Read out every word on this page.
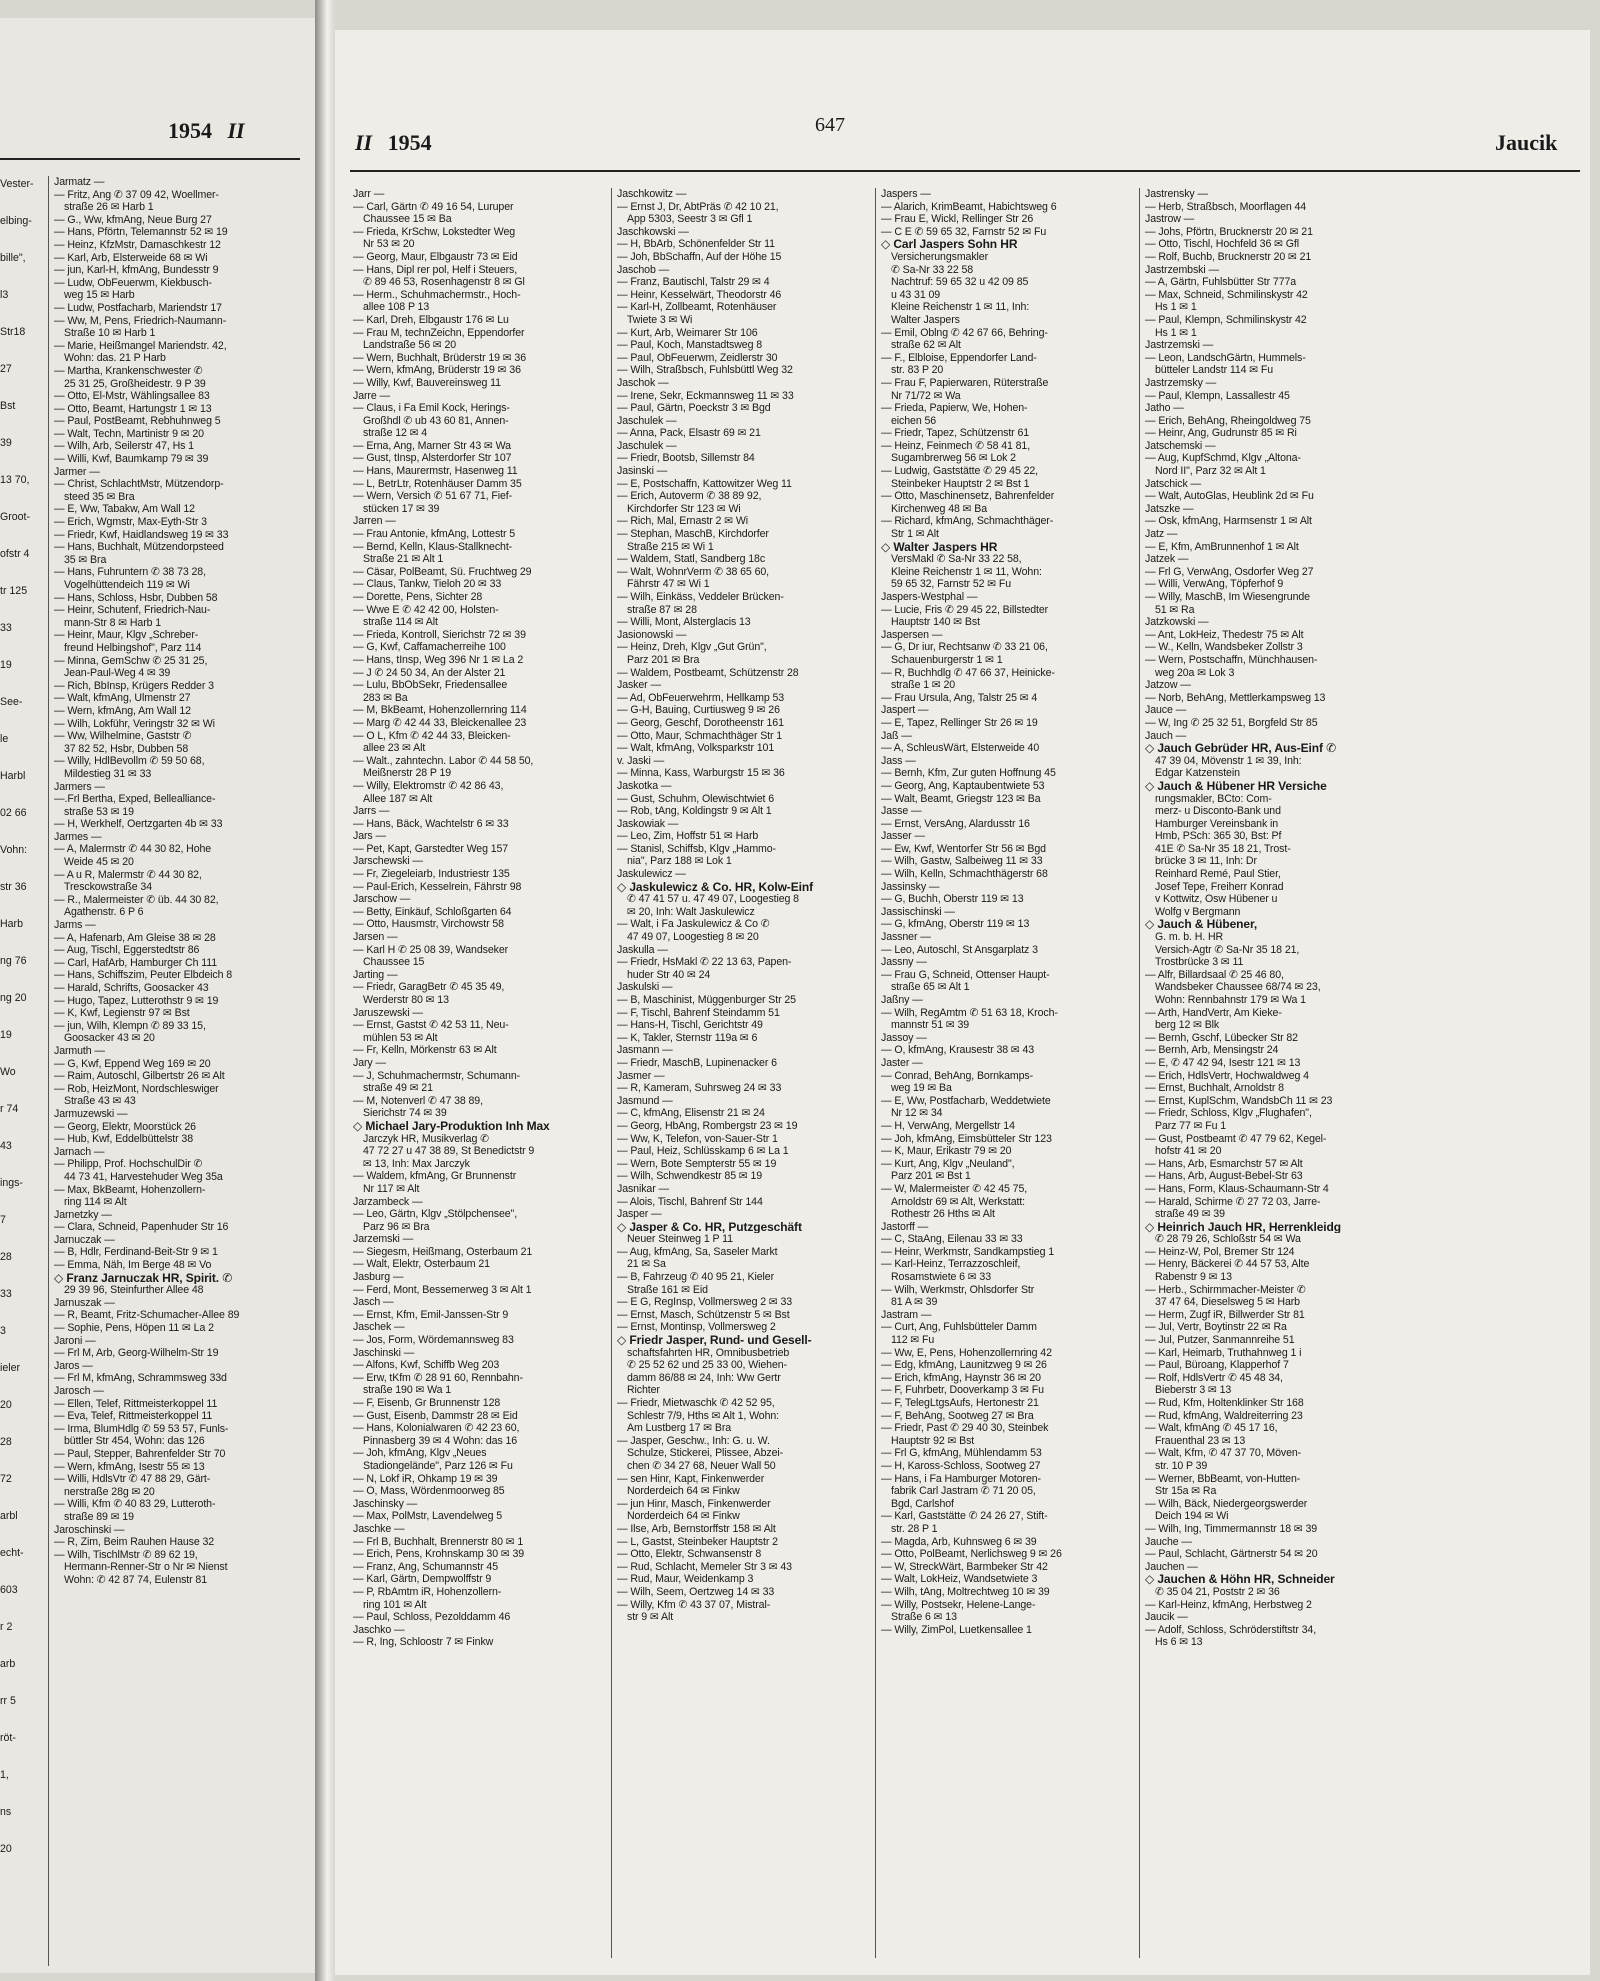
1954 II
Vester-
elbing-
bille",
l3
Str18
27
Bst
39
13 70,
Groot-
ofstr 4
tr 125
33
19
See-
le
Harbl
02 66
Vohn:
str 36
Harb
ng 76
ng 20
19
Wo
r 74
43
ings-
7
28
33
3
ieler
20
28
72
arbl
echt-
603
r 2
arb
rr 5
röt-
1,
ns
20
Jarmatz —
— Fritz, Ang ✆ 37 09 42, Woellmer-
straße 26 ✉ Harb 1
— G., Ww, kfmAng, Neue Burg 27
— Hans, Pförtn, Telemannstr 52 ✉ 19
— Heinz, KfzMstr, Damaschkestr 12
— Karl, Arb, Elsterweide 68 ✉ Wi
— jun, Karl-H, kfmAng, Bundesstr 9
— Ludw, ObFeuerwm, Kiekbusch-
weg 15 ✉ Harb
— Ludw, Postfacharb, Mariendstr 17
— Ww, M, Pens, Friedrich-Naumann-
Straße 10 ✉ Harb 1
— Marie, Heißmangel Mariendstr. 42,
Wohn: das. 21 P Harb
— Martha, Krankenschwester ✆
25 31 25, Großheidestr. 9 P 39
— Otto, El-Mstr, Wählingsallee 83
— Otto, Beamt, Hartungstr 1 ✉ 13
— Paul, PostBeamt, Rebhuhnweg 5
— Walt, Techn, Martinistr 9 ✉ 20
— Wilh, Arb, Seilerstr 47, Hs 1
— Willi, Kwf, Baumkamp 79 ✉ 39
Jarmer —
— Christ, SchlachtMstr, Mützendorp-
steed 35 ✉ Bra
— E, Ww, Tabakw, Am Wall 12
— Erich, Wgmstr, Max-Eyth-Str 3
— Friedr, Kwf, Haidlandsweg 19 ✉ 33
— Hans, Buchhalt, Mützendorpsteed
35 ✉ Bra
— Hans, Fuhruntern ✆ 38 73 28,
Vogelhüttendeich 119 ✉ Wi
— Hans, Schloss, Hsbr, Dubben 58
— Heinr, Schutenf, Friedrich-Nau-
mann-Str 8 ✉ Harb 1
— Heinr, Maur, Klgv „Schreber-
freund Helbingshof", Parz 114
— Minna, GemSchw ✆ 25 31 25,
Jean-Paul-Weg 4 ✉ 39
— Rich, BbInsp, Krügers Redder 3
— Walt, kfmAng, Ulmenstr 27
— Wern, kfmAng, Am Wall 12
— Wilh, Lokführ, Veringstr 32 ✉ Wi
— Ww, Wilhelmine, Gaststr ✆
37 82 52, Hsbr, Dubben 58
— Willy, HdlBevollm ✆ 59 50 68,
Mildestieg 31 ✉ 33
Jarmers —
—.Frl Bertha, Exped, Bellealliance-
straße 53 ✉ 19
— H, Werkhelf, Oertzgarten 4b ✉ 33
Jarmes —
— A, Malermstr ✆ 44 30 82, Hohe
Weide 45 ✉ 20
— A u R, Malermstr ✆ 44 30 82,
Tresckowstraße 34
— R., Malermeister ✆ üb. 44 30 82,
Agathenstr. 6 P 6
Jarms —
— A, Hafenarb, Am Gleise 38 ✉ 28
— Aug, Tischl, Eggerstedtstr 86
— Carl, HafArb, Hamburger Ch 111
— Hans, Schiffszim, Peuter Elbdeich 8
— Harald, Schrifts, Goosacker 43
— Hugo, Tapez, Lutterothstr 9 ✉ 19
— K, Kwf, Legienstr 97 ✉ Bst
— jun, Wilh, Klempn ✆ 89 33 15,
Goosacker 43 ✉ 20
Jarmuth —
— G, Kwf, Eppend Weg 169 ✉ 20
— Raim, Autoschl, Gilbertstr 26 ✉ Alt
— Rob, HeizMont, Nordschleswiger
Straße 43 ✉ 43
Jarmuzewski —
— Georg, Elektr, Moorstück 26
— Hub, Kwf, Eddelbüttelstr 38
Jarnach —
— Philipp, Prof. HochschulDir ✆
44 73 41, Harvestehuder Weg 35a
— Max, BkBeamt, Hohenzollern-
ring 114 ✉ Alt
Jarnetzky —
— Clara, Schneid, Papenhuder Str 16
Jarnuczak —
— B, Hdlr, Ferdinand-Beit-Str 9 ✉ 1
— Emma, Näh, Im Berge 48 ✉ Vo
◇ Franz Jarnuczak HR, Spirit. ✆
29 39 96, Steinfurther Allee 48
Jarnuszak —
— R, Beamt, Fritz-Schumacher-Allee 89
— Sophie, Pens, Höpen 11 ✉ La 2
Jaroni —
— Frl M, Arb, Georg-Wilhelm-Str 19
Jaros —
— Frl M, kfmAng, Schrammsweg 33d
Jarosch —
— Ellen, Telef, Rittmeisterkoppel 11
— Eva, Telef, Rittmeisterkoppel 11
— Irma, BlumHdlg ✆ 59 53 57, Funls-
büttler Str 454, Wohn: das 126
— Paul, Stepper, Bahrenfelder Str 70
— Wern, kfmAng, Isestr 55 ✉ 13
— Willi, HdlsVtr ✆ 47 88 29, Gärt-
nerstraße 28g ✉ 20
— Willi, Kfm ✆ 40 83 29, Lutteroth-
straße 89 ✉ 19
Jaroschinski —
— R, Zim, Beim Rauhen Hause 32
— Wilh, TischlMstr ✆ 89 62 19,
Hermann-Renner-Str o Nr ✉ Nienst
Wohn: ✆ 42 87 74, Eulenstr 81
II 1954
647
Jaucik
Jarr —
— Carl, Gärtn ✆ 49 16 54, Luruper
Chaussee 15 ✉ Ba
— Frieda, KrSchw, Lokstedter Weg
Nr 53 ✉ 20
— Georg, Maur, Elbgaustr 73 ✉ Eid
— Hans, Dipl rer pol, Helf i Steuers,
✆ 89 46 53, Rosenhagenstr 8 ✉ Gl
— Herm., Schuhmachermstr., Hoch-
allee 108 P 13
— Karl, Dreh, Elbgaustr 176 ✉ Lu
— Frau M, technZeichn, Eppendorfer
Landstraße 56 ✉ 20
— Wern, Buchhalt, Brüderstr 19 ✉ 36
— Wern, kfmAng, Brüderstr 19 ✉ 36
— Willy, Kwf, Bauvereinsweg 11
Jarre —
— Claus, i Fa Emil Kock, Herings-
Großhdl ✆ ub 43 60 81, Annen-
straße 12 ✉ 4
— Erna, Ang, Marner Str 43 ✉ Wa
— Gust, tInsp, Alsterdorfer Str 107
— Hans, Maurermstr, Hasenweg 11
— L, BetrLtr, Rotenhäuser Damm 35
— Wern, Versich ✆ 51 67 71, Fief-
stücken 17 ✉ 39
Jarren —
— Frau Antonie, kfmAng, Lottestr 5
— Bernd, Kelln, Klaus-Stallknecht-
Straße 21 ✉ Alt 1
— Cäsar, PolBeamt, Sü. Fruchtweg 29
— Claus, Tankw, Tieloh 20 ✉ 33
— Dorette, Pens, Sichter 28
— Wwe E ✆ 42 42 00, Holsten-
straße 114 ✉ Alt
— Frieda, Kontroll, Sierichstr 72 ✉ 39
— G, Kwf, Caffamacherreihe 100
— Hans, tInsp, Weg 396 Nr 1 ✉ La 2
— J ✆ 24 50 34, An der Alster 21
— Lulu, BbObSekr, Friedensallee
283 ✉ Ba
— M, BkBeamt, Hohenzollernring 114
— Marg ✆ 42 44 33, Bleickenallee 23
— O L, Kfm ✆ 42 44 33, Bleicken-
allee 23 ✉ Alt
— Walt., zahntechn. Labor ✆ 44 58 50,
Meißnerstr 28 P 19
— Willy, Elektromstr ✆ 42 86 43,
Allee 187 ✉ Alt
Jarrs —
— Hans, Bäck, Wachtelstr 6 ✉ 33
Jars —
— Pet, Kapt, Garstedter Weg 157
Jarschewski —
— Fr, Ziegeleiarb, Industriestr 135
— Paul-Erich, Kesselrein, Fährstr 98
Jarschow —
— Betty, Einkäuf, Schloßgarten 64
— Otto, Hausmstr, Virchowstr 58
Jarsen —
— Karl H ✆ 25 08 39, Wandseker
Chaussee 15
Jarting —
— Friedr, GaragBetr ✆ 45 35 49,
Werderstr 80 ✉ 13
Jaruszewski —
— Ernst, Gastst ✆ 42 53 11, Neu-
mühlen 53 ✉ Alt
— Fr, Kelln, Mörkenstr 63 ✉ Alt
Jary —
— J, Schuhmachermstr, Schumann-
straße 49 ✉ 21
— M, Notenverl ✆ 47 38 89,
Sierichstr 74 ✉ 39
◇ Michael Jary-Produktion Inh Max
Jarczyk HR, Musikverlag ✆
47 72 27 u 47 38 89, St Benedictstr 9
✉ 13, Inh: Max Jarczyk
— Waldem, kfmAng, Gr Brunnenstr
Nr 117 ✉ Alt
Jarzambeck —
— Leo, Gärtn, Klgv „Stölpchensee",
Parz 96 ✉ Bra
Jarzemski —
— Siegesm, Heißmang, Osterbaum 21
— Walt, Elektr, Osterbaum 21
Jasburg —
— Ferd, Mont, Bessemerweg 3 ✉ Alt 1
Jasch —
— Ernst, Kfm, Emil-Janssen-Str 9
Jaschek —
— Jos, Form, Wördemannsweg 83
Jaschinski —
— Alfons, Kwf, Schiffb Weg 203
— Erw, tKfm ✆ 28 91 60, Rennbahn-
straße 190 ✉ Wa 1
— F, Eisenb, Gr Brunnenstr 128
— Gust, Eisenb, Dammstr 28 ✉ Eid
— Hans, Kolonialwaren ✆ 42 23 60,
Pinnasberg 39 ✉ 4 Wohn: das 16
— Joh, kfmAng, Klgv „Neues
Stadiongelände", Parz 126 ✉ Fu
— N, Lokf iR, Ohkamp 19 ✉ 39
— O, Mass, Wördenmoorweg 85
Jaschinsky —
— Max, PolMstr, Lavendelweg 5
Jaschke —
— Frl B, Buchhalt, Brennerstr 80 ✉ 1
— Erich, Pens, Krohnskamp 30 ✉ 39
— Franz, Ang, Schumannstr 45
— Karl, Gärtn, Dempwolffstr 9
— P, RbAmtm iR, Hohenzollern-
ring 101 ✉ Alt
— Paul, Schloss, Pezolddamm 46
Jaschko —
— R, Ing, Schloostr 7 ✉ Finkw
Jaschkowitz —
— Ernst J, Dr, AbtPräs ✆ 42 10 21,
App 5303, Seestr 3 ✉ Gfl 1
Jaschkowski —
— H, BbArb, Schönenfelder Str 11
— Joh, BbSchaffn, Auf der Höhe 15
Jaschob —
— Franz, Bautischl, Talstr 29 ✉ 4
— Heinr, Kesselwärt, Theodorstr 46
— Karl-H, Zollbeamt, Rotenhäuser
Twiete 3 ✉ Wi
— Kurt, Arb, Weimarer Str 106
— Paul, Koch, Manstadtsweg 8
— Paul, ObFeuerwm, Zeidlerstr 30
— Wilh, Straßbsch, Fuhlsbüttl Weg 32
Jaschok —
— Irene, Sekr, Eckmannsweg 11 ✉ 33
— Paul, Gärtn, Poeckstr 3 ✉ Bgd
Jaschulek —
— Anna, Pack, Elsastr 69 ✉ 21
Jaschulek —
— Friedr, Bootsb, Sillemstr 84
Jasinski —
— E, Postschaffn, Kattowitzer Weg 11
— Erich, Autoverm ✆ 38 89 92,
Kirchdorfer Str 123 ✉ Wi
— Rich, Mal, Ernastr 2 ✉ Wi
— Stephan, MaschB, Kirchdorfer
Straße 215 ✉ Wi 1
— Waldem, Statl, Sandberg 18c
— Walt, WohnrVerm ✆ 38 65 60,
Fährstr 47 ✉ Wi 1
— Wilh, Einkäss, Veddeler Brücken-
straße 87 ✉ 28
— Willi, Mont, Alsterglacis 13
Jasionowski —
— Heinz, Dreh, Klgv „Gut Grün",
Parz 201 ✉ Bra
— Waldem, Postbeamt, Schützenstr 28
Jasker —
— Ad, ObFeuerwehrm, Hellkamp 53
— G-H, Bauing, Curtiusweg 9 ✉ 26
— Georg, Geschf, Dorotheenstr 161
— Otto, Maur, Schmachthäger Str 1
— Walt, kfmAng, Volksparkstr 101
v. Jaski —
— Minna, Kass, Warburgstr 15 ✉ 36
Jaskotka —
— Gust, Schuhm, Olewischtwiet 6
— Rob, tAng, Koldingstr 9 ✉ Alt 1
Jaskowiak —
— Leo, Zim, Hoffstr 51 ✉ Harb
— Stanisl, Schiffsb, Klgv „Hammo-
nia", Parz 188 ✉ Lok 1
Jaskulewicz —
◇ Jaskulewicz & Co. HR, Kolw-Einf
✆ 47 41 57 u. 47 49 07, Loogestieg 8
✉ 20, Inh: Walt Jaskulewicz
— Walt, i Fa Jaskulewicz & Co ✆
47 49 07, Loogestieg 8 ✉ 20
Jaskulla —
— Friedr, HsMakl ✆ 22 13 63, Papen-
huder Str 40 ✉ 24
Jaskulski —
— B, Maschinist, Müggenburger Str 25
— F, Tischl, Bahrenf Steindamm 51
— Hans-H, Tischl, Gerichtstr 49
— K, Takler, Sternstr 119a ✉ 6
Jasmann —
— Friedr, MaschB, Lupinenacker 6
Jasmer —
— R, Kameram, Suhrsweg 24 ✉ 33
Jasmund —
— C, kfmAng, Elisenstr 21 ✉ 24
— Georg, HbAng, Rombergstr 23 ✉ 19
— Ww, K, Telefon, von-Sauer-Str 1
— Paul, Heiz, Schlüsskamp 6 ✉ La 1
— Wern, Bote Sempterstr 55 ✉ 19
— Wilh, Schwendkestr 85 ✉ 19
Jasnikar —
— Alois, Tischl, Bahrenf Str 144
Jasper —
◇ Jasper & Co. HR, Putzgeschäft
Neuer Steinweg 1 P 11
— Aug, kfmAng, Sa, Saseler Markt
21 ✉ Sa
— B, Fahrzeug ✆ 40 95 21, Kieler
Straße 161 ✉ Eid
— E G, RegInsp, Vollmersweg 2 ✉ 33
— Ernst, Masch, Schützenstr 5 ✉ Bst
— Ernst, Montinsp, Vollmersweg 2
◇ Friedr Jasper, Rund- und Gesell-
schaftsfahrten HR, Omnibusbetrieb
✆ 25 52 62 und 25 33 00, Wiehen-
damm 86/88 ✉ 24, Inh: Ww Gertr
Richter
— Friedr, Mietwaschk ✆ 42 52 95,
Schlestr 7/9, Hths ✉ Alt 1, Wohn:
Am Lustberg 17 ✉ Bra
— Jasper, Geschw., Inh: G. u. W.
Schulze, Stickerei, Plissee, Abzei-
chen ✆ 34 27 68, Neuer Wall 50
— sen Hinr, Kapt, Finkenwerder
Norderdeich 64 ✉ Finkw
— jun Hinr, Masch, Finkenwerder
Norderdeich 64 ✉ Finkw
— Ilse, Arb, Bernstorffstr 158 ✉ Alt
— L, Gastst, Steinbeker Hauptstr 2
— Otto, Elektr, Schwansenstr 8
— Rud, Schlacht, Memeler Str 3 ✉ 43
— Rud, Maur, Weidenkamp 3
— Wilh, Seem, Oertzweg 14 ✉ 33
— Willy, Kfm ✆ 43 37 07, Mistral-
str 9 ✉ Alt
Jaspers —
— Alarich, KrimBeamt, Habichtsweg 6
— Frau E, Wickl, Rellinger Str 26
— C E ✆ 59 65 32, Farnstr 52 ✉ Fu
◇ Carl Jaspers Sohn HR
Versicherungsmakler
✆ Sa-Nr 33 22 58
Nachtruf: 59 65 32 u 42 09 85
u 43 31 09
Kleine Reichenstr 1 ✉ 11, Inh:
Walter Jaspers
— Emil, Oblng ✆ 42 67 66, Behring-
straße 62 ✉ Alt
— F., Elbloise, Eppendorfer Land-
str. 83 P 20
— Frau F, Papierwaren, Rüterstraße
Nr 71/72 ✉ Wa
— Frieda, Papierw, We, Hohen-
eichen 56
— Friedr, Tapez, Schützenstr 61
— Heinz, Feinmech ✆ 58 41 81,
Sugambrerweg 56 ✉ Lok 2
— Ludwig, Gaststätte ✆ 29 45 22,
Steinbeker Hauptstr 2 ✉ Bst 1
— Otto, Maschinensetz, Bahrenfelder
Kirchenweg 48 ✉ Ba
— Richard, kfmAng, Schmachthäger-
Str 1 ✉ Alt
◇ Walter Jaspers HR
VersMakl ✆ Sa-Nr 33 22 58,
Kleine Reichenstr 1 ✉ 11, Wohn:
59 65 32, Farnstr 52 ✉ Fu
Jaspers-Westphal —
— Lucie, Fris ✆ 29 45 22, Billstedter
Hauptstr 140 ✉ Bst
Jaspersen —
— G, Dr iur, Rechtsanw ✆ 33 21 06,
Schauenburgerstr 1 ✉ 1
— R, Buchhdlg ✆ 47 66 37, Heinicke-
straße 1 ✉ 20
— Frau Ursula, Ang, Talstr 25 ✉ 4
Jaspert —
— E, Tapez, Rellinger Str 26 ✉ 19
Jaß —
— A, SchleusWärt, Elsterweide 40
Jass —
— Bernh, Kfm, Zur guten Hoffnung 45
— Georg, Ang, Kaptaubentwiete 53
— Walt, Beamt, Griegstr 123 ✉ Ba
Jasse —
— Ernst, VersAng, Alardusstr 16
Jasser —
— Ew, Kwf, Wentorfer Str 56 ✉ Bgd
— Wilh, Gastw, Salbeiweg 11 ✉ 33
— Wilh, Kelln, Schmachthägerstr 68
Jassinsky —
— G, Buchh, Oberstr 119 ✉ 13
Jassischinski —
— G, kfmAng, Oberstr 119 ✉ 13
Jassner —
— Leo, Autoschl, St Ansgarplatz 3
Jassny —
— Frau G, Schneid, Ottenser Haupt-
straße 65 ✉ Alt 1
Jaßny —
— Wilh, RegAmtm ✆ 51 63 18, Kroch-
mannstr 51 ✉ 39
Jassoy —
— O, kfmAng, Krausestr 38 ✉ 43
Jaster —
— Conrad, BehAng, Bornkamps-
weg 19 ✉ Ba
— E, Ww, Postfacharb, Weddetwiete
Nr 12 ✉ 34
— H, VerwAng, Mergellstr 14
— Joh, kfmAng, Eimsbütteler Str 123
— K, Maur, Erikastr 79 ✉ 20
— Kurt, Ang, Klgv „Neuland",
Parz 201 ✉ Bst 1
— W, Malermeister ✆ 42 45 75,
Arnoldstr 69 ✉ Alt, Werkstatt:
Rothestr 26 Hths ✉ Alt
Jastorff —
— C, StaAng, Eilenau 33 ✉ 33
— Heinr, Werkmstr, Sandkampstieg 1
— Karl-Heinz, Terrazzoschleif,
Rosamstwiete 6 ✉ 33
— Wilh, Werkmstr, Ohlsdorfer Str
81 A ✉ 39
Jastram —
— Curt, Ang, Fuhlsbütteler Damm
112 ✉ Fu
— Ww, E, Pens, Hohenzollernring 42
— Edg, kfmAng, Launitzweg 9 ✉ 26
— Erich, kfmAng, Haynstr 36 ✉ 20
— F, Fuhrbetr, Dooverkamp 3 ✉ Fu
— F, TelegLtgsAufs, Hertonestr 21
— F, BehAng, Sootweg 27 ✉ Bra
— Friedr, Past ✆ 29 40 30, Steinbek
Hauptstr 92 ✉ Bst
— Frl G, kfmAng, Mühlendamm 53
— H, Kaross-Schloss, Sootweg 27
— Hans, i Fa Hamburger Motoren-
fabrik Carl Jastram ✆ 71 20 05,
Bgd, Carlshof
— Karl, Gaststätte ✆ 24 26 27, Stift-
str. 28 P 1
— Magda, Arb, Kuhnsweg 6 ✉ 39
— Otto, PolBeamt, Nerlichsweg 9 ✉ 26
— W, StreckWärt, Barmbeker Str 42
— Walt, LokHeiz, Wandsetwiete 3
— Wilh, tAng, Moltrechtweg 10 ✉ 39
— Willy, Postsekr, Helene-Lange-
Straße 6 ✉ 13
— Willy, ZimPol, Luetkensallee 1
Jastrensky —
— Herb, Straßbsch, Moorflagen 44
Jastrow —
— Johs, Pförtn, Brucknerstr 20 ✉ 21
— Otto, Tischl, Hochfeld 36 ✉ Gfl
— Rolf, Buchb, Brucknerstr 20 ✉ 21
Jastrzembski —
— A, Gärtn, Fuhlsbütter Str 777a
— Max, Schneid, Schmilinskystr 42
Hs 1 ✉ 1
— Paul, Klempn, Schmilinskystr 42
Hs 1 ✉ 1
Jastrzemski —
— Leon, LandschGärtn, Hummels-
bütteler Landstr 114 ✉ Fu
Jastrzemsky —
— Paul, Klempn, Lassallestr 45
Jatho —
— Erich, BehAng, Rheingoldweg 75
— Heinr, Ang, Gudrunstr 85 ✉ Ri
Jatschemski —
— Aug, KupfSchmd, Klgv „Altona-
Nord II", Parz 32 ✉ Alt 1
Jatschick —
— Walt, AutoGlas, Heublink 2d ✉ Fu
Jatszke —
— Osk, kfmAng, Harmsenstr 1 ✉ Alt
Jatz —
— E, Kfm, AmBrunnenhof 1 ✉ Alt
Jatzek —
— Frl G, VerwAng, Osdorfer Weg 27
— Willi, VerwAng, Töpferhof 9
— Willy, MaschB, Im Wiesengrunde
51 ✉ Ra
Jatzkowski —
— Ant, LokHeiz, Thedestr 75 ✉ Alt
— W., Kelln, Wandsbeker Zollstr 3
— Wern, Postschaffn, Münchhausen-
weg 20a ✉ Lok 3
Jatzow —
— Norb, BehAng, Mettlerkampsweg 13
Jauce —
— W, Ing ✆ 25 32 51, Borgfeld Str 85
Jauch —
◇ Jauch Gebrüder HR, Aus-Einf ✆
47 39 04, Mövenstr 1 ✉ 39, Inh:
Edgar Katzenstein
◇ Jauch & Hübener HR Versiche
rungsmakler, BCto: Com-
merz- u Disconto-Bank und
Hamburger Vereinsbank in
Hmb, PSch: 365 30, Bst: Pf
41E ✆ Sa-Nr 35 18 21, Trost-
brücke 3 ✉ 11, Inh: Dr
Reinhard Remé, Paul Stier,
Josef Tepe, Freiherr Konrad
v Kottwitz, Osw Hübener u
Wolfg v Bergmann
◇ Jauch & Hübener,
G. m. b. H. HR
Versich-Agtr ✆ Sa-Nr 35 18 21,
Trostbrücke 3 ✉ 11
— Alfr, Billardsaal ✆ 25 46 80,
Wandsbeker Chaussee 68/74 ✉ 23,
Wohn: Rennbahnstr 179 ✉ Wa 1
— Arth, HandVertr, Am Kieke-
berg 12 ✉ Blk
— Bernh, Gschf, Lübecker Str 82
— Bernh, Arb, Mensingstr 24
— E, ✆ 47 42 94, Isestr 121 ✉ 13
— Erich, HdlsVertr, Hochwaldweg 4
— Ernst, Buchhalt, Arnoldstr 8
— Ernst, KuplSchm, WandsbCh 11 ✉ 23
— Friedr, Schloss, Klgv „Flughafen",
Parz 77 ✉ Fu 1
— Gust, Postbeamt ✆ 47 79 62, Kegel-
hofstr 41 ✉ 20
— Hans, Arb, Esmarchstr 57 ✉ Alt
— Hans, Arb, August-Bebel-Str 63
— Hans, Form, Klaus-Schaumann-Str 4
— Harald, Schirme ✆ 27 72 03, Jarre-
straße 49 ✉ 39
◇ Heinrich Jauch HR, Herrenkleidg
✆ 28 79 26, Schloßstr 54 ✉ Wa
— Heinz-W, Pol, Bremer Str 124
— Henry, Bäckerei ✆ 44 57 53, Alte
Rabenstr 9 ✉ 13
— Herb., Schirmmacher-Meister ✆
37 47 64, Dieselsweg 5 ✉ Harb
— Herm, Zugf iR, Billwerder Str 81
— Jul, Vertr, Boytinstr 22 ✉ Ra
— Jul, Putzer, Sanmannreihe 51
— Karl, Heimarb, Truthahnweg 1 i
— Paul, Büroang, Klapperhof 7
— Rolf, HdlsVertr ✆ 45 48 34,
Bieberstr 3 ✉ 13
— Rud, Kfm, Holtenklinker Str 168
— Rud, kfmAng, Waldreiterring 23
— Walt, kfmAng ✆ 45 17 16,
Frauenthal 23 ✉ 13
— Walt, Kfm, ✆ 47 37 70, Möven-
str. 10 P 39
— Werner, BbBeamt, von-Hutten-
Str 15a ✉ Ra
— Wilh, Bäck, Niedergeorgswerder
Deich 194 ✉ Wi
— Wilh, Ing, Timmermannstr 18 ✉ 39
Jauche —
— Paul, Schlacht, Gärtnerstr 54 ✉ 20
Jauchen —
◇ Jauchen & Höhn HR, Schneider
✆ 35 04 21, Poststr 2 ✉ 36
— Karl-Heinz, kfmAng, Herbstweg 2
Jaucik —
— Adolf, Schloss, Schröderstiftstr 34,
Hs 6 ✉ 13
